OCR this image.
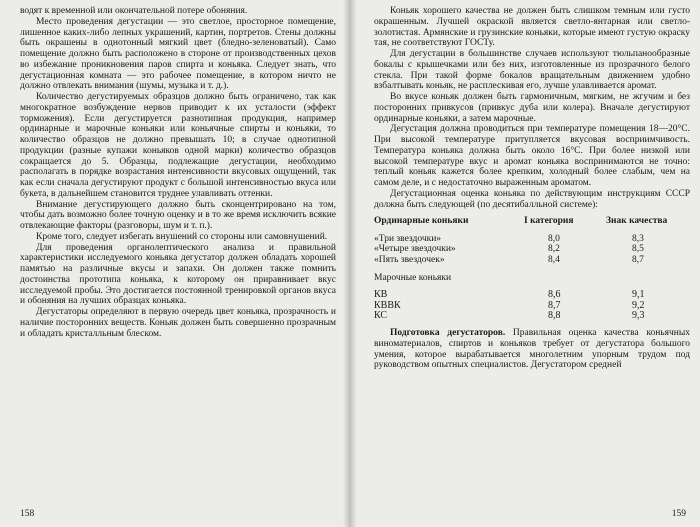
водят к временной или окончательной потере обоняния.

Место проведения дегустации — это светлое, просторное помещение, лишенное каких-либо лепных украшений, картин, портретов. Стены должны быть окрашены в однотонный мягкий цвет (бледно-зеленоватый). Само помещение должно быть расположено в стороне от производственных цехов во избежание проникновения паров спирта и коньяка. Следует знать, что дегустационная комната — это рабочее помещение, в котором ничто не должно отвлекать внимания (шумы, музыка и т. д.).

Количество дегустируемых образцов должно быть ограничено, так как многократное возбуждение нервов приводит к их усталости (эффект торможения). Если дегустируется разнотипная продукция, например ординарные и марочные коньяки или коньячные спирты и коньяки, то количество образцов не должно превышать 10; в случае однотипной продукции (разные купажи коньяков одной марки) количество образцов сокращается до 5. Образцы, подлежащие дегустации, необходимо располагать в порядке возрастания интенсивности вкусовых ощущений, так как если сначала дегустируют продукт с большой интенсивностью вкуса или букета, в дальнейшем становится труднее улавливать оттенки.

Внимание дегустирующего должно быть сконцентрировано на том, чтобы дать возможно более точную оценку и в то же время исключить всякие отвлекающие факторы (разговоры, шум и т. п.).

Кроме того, следует избегать внушений со стороны или самовнушений.

Для проведения органолептического анализа и правильной характеристики исследуемого коньяка дегустатор должен обладать хорошей памятью на различные вкусы и запахи. Он должен также помнить достоинства прототипа коньяка, к которому он приравнивает вкус исследуемой пробы. Это достигается постоянной тренировкой органов вкуса и обоняния на лучших образцах коньяка.

Дегустаторы определяют в первую очередь цвет коньяка, прозрачность и наличие посторонних веществ. Коньяк должен быть совершенно прозрачным и обладать кристалльным блеском.

158

Коньяк хорошего качества не должен быть слишком темным или густо окрашенным. Лучшей окраской является светло-янтарная или светло-золотистая. Армянские и грузинские коньяки, которые имеют густую окраску тая, не соответствуют ГОСТу.

Для дегустации в большинстве случаев используют тюльпанообразные бокалы с крышечками или без них, изготовленные из прозрачного белого стекла. При такой форме бокалов вращательным движением удобно взбалтывать коньяк, не расплескивая его, лучше улавливается аромат.

Во вкусе коньяк должен быть гармоничным, мягким, не жгучим и без посторонних привкусов (привкус дуба или колера). Вначале дегустируют ординарные коньяки, а затем марочные.

Дегустация должна проводиться при температуре помещения 18—20°С. При высокой температуре притупляется вкусовая восприимчивость. Температура коньяка должна быть около 16°С. При более низкой или высокой температуре вкус и аромат коньяка воспринимаются не точно: теплый коньяк кажется более крепким, холодный более слабым, чем на самом деле, и с недостаточно выраженным ароматом.

Дегустационная оценка коньяка по действующим инструкциям СССР должна быть следующей (по десятибалльной системе):

Ординарные коньяки	I категория	Знак качества

«Три звездочки»	8,0	8,3
«Четыре звездочки»	8,2	8,5
«Пять звездочек»	8,4	8,7

Марочные коньяки		

КВ	8,6	9,1
КВВК	8,7	9,2
КС	8,8	9,3

Подготовка дегустаторов. Правильная оценка качества коньячных виноматериалов, спиртов и коньяков требует от дегустатора большого умения, которое вырабатывается многолетним упорным трудом под руководством опытных специалистов. Дегустатором средней

159
